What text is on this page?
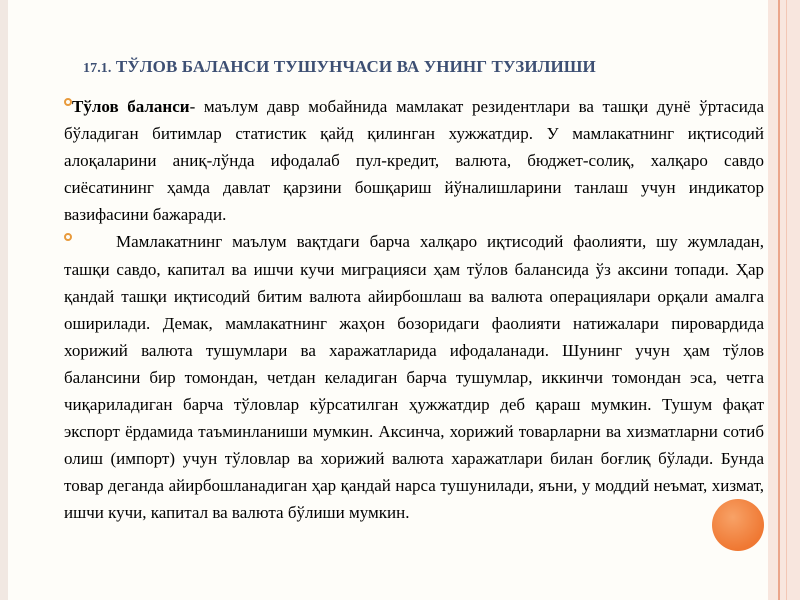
17.1. ТЎЛОВ БАЛАНСИ ТУШУНЧАСИ ВА УНИНГ ТУЗИЛИШИ

Тўлов баланси- маълум давр мобайнида мамлакат резидентлари ва ташқи дунё ўртасида бўладиган битимлар статистик қайд қилинган хужжатдир. У мамлакатнинг иқтисодий алоқаларини аниқ-лўнда ифодалаб пул-кредит, валюта, бюджет-солиқ, халқаро савдо сиёсатининг ҳамда давлат қарзини бошқариш йўналишларини танлаш учун индикатор вазифасини бажаради.

Мамлакатнинг маълум вақтдаги барча халқаро иқтисодий фаолияти, шу жумладан, ташқи савдо, капитал ва ишчи кучи миграцияси ҳам тўлов балансида ўз аксини топади. Ҳар қандай ташқи иқтисодий битим валюта айирбошлаш ва валюта операциялари орқали амалга оширилади. Демак, мамлакатнинг жаҳон бозоридаги фаолияти натижалари пировардида хорижий валюта тушумлари ва харажатларида ифодаланади. Шунинг учун ҳам тўлов балансини бир томондан, четдан келадиган барча тушумлар, иккинчи томондан эса, четга чиқариладиган барча тўловлар кўрсатилган ҳужжатдир деб қараш мумкин. Тушум фақат экспорт ёрдамида таъминланиши мумкин. Аксинча, хорижий товарларни ва хизматларни сотиб олиш (импорт) учун тўловлар ва хорижий валюта харажатлари билан боғлиқ бўлади. Бунда товар деганда айирбошланадиган ҳар қандай нарса тушунилади, яъни, у моддий неъмат, хизмат, ишчи кучи, капитал ва валюта бўлиши мумкин.
